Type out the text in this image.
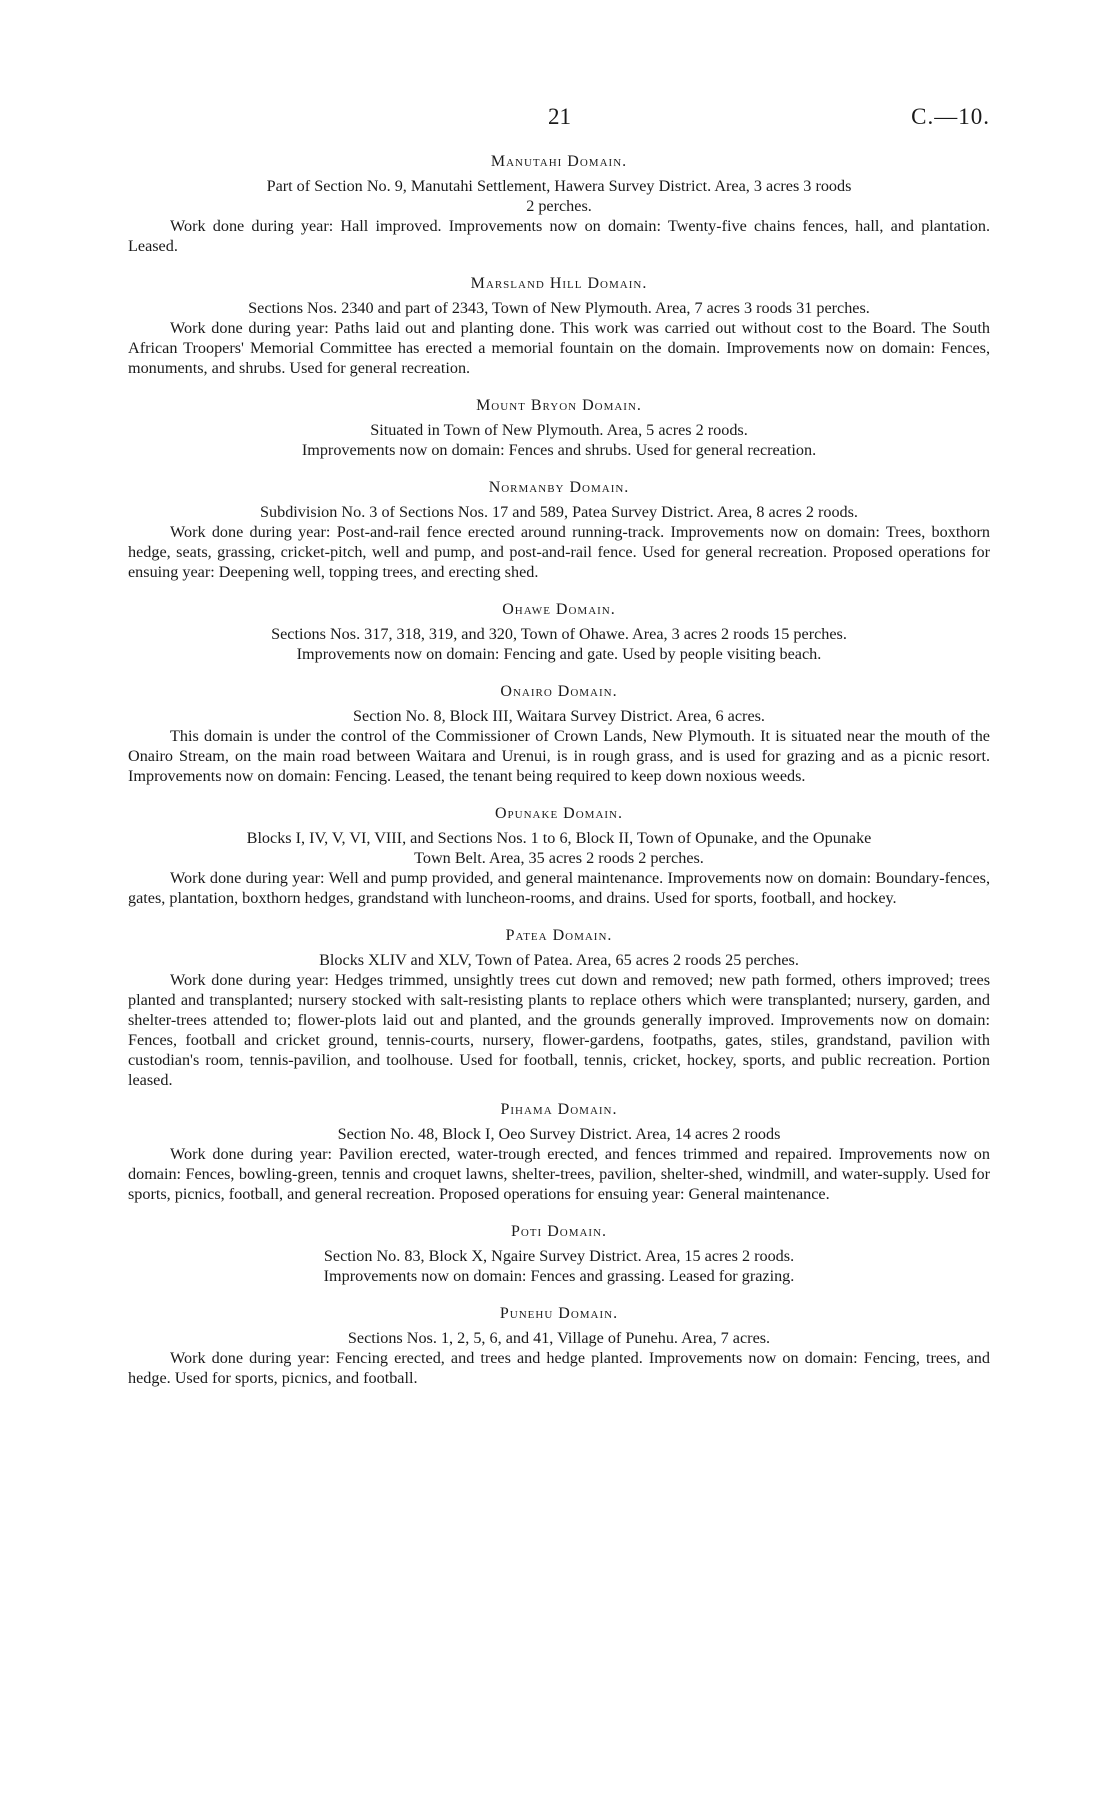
21	C.—10.
Manutahi Domain.

Part of Section No. 9, Manutahi Settlement, Hawera Survey District. Area, 3 acres 3 roods

2 perches.

Work done during year: Hall improved. Improvements now on domain: Twenty-five chains fences, hall, and plantation. Leased.

Marsland Hill Domain.

Sections Nos. 2340 and part of 2343, Town of New Plymouth. Area, 7 acres 3 roods 31 perches.

Work done during year: Paths laid out and planting done. This work was carried out without cost to the Board. The South African Troopers' Memorial Committee has erected a memorial fountain on the domain. Improvements now on domain: Fences, monuments, and shrubs. Used for general recreation.

Mount Bryon Domain.

Situated in Town of New Plymouth. Area, 5 acres 2 roods.

Improvements now on domain: Fences and shrubs. Used for general recreation.

Normanby Domain.

Subdivision No. 3 of Sections Nos. 17 and 589, Patea Survey District. Area, 8 acres 2 roods.

Work done during year: Post-and-rail fence erected around running-track. Improvements now on domain: Trees, boxthorn hedge, seats, grassing, cricket-pitch, well and pump, and post-and-rail fence. Used for general recreation. Proposed operations for ensuing year: Deepening well, topping trees, and erecting shed.

Ohawe Domain.

Sections Nos. 317, 318, 319, and 320, Town of Ohawe. Area, 3 acres 2 roods 15 perches.

Improvements now on domain: Fencing and gate. Used by people visiting beach.

Onairo Domain.

Section No. 8, Block III, Waitara Survey District. Area, 6 acres.

This domain is under the control of the Commissioner of Crown Lands, New Plymouth. It is situated near the mouth of the Onairo Stream, on the main road between Waitara and Urenui, is in rough grass, and is used for grazing and as a picnic resort. Improvements now on domain: Fencing. Leased, the tenant being required to keep down noxious weeds.

Opunake Domain.

Blocks I, IV, V, VI, VIII, and Sections Nos. 1 to 6, Block II, Town of Opunake, and the Opunake

Town Belt. Area, 35 acres 2 roods 2 perches.

Work done during year: Well and pump provided, and general maintenance. Improvements now on domain: Boundary-fences, gates, plantation, boxthorn hedges, grandstand with luncheon-rooms, and drains. Used for sports, football, and hockey.

Patea Domain.

Blocks XLIV and XLV, Town of Patea. Area, 65 acres 2 roods 25 perches.

Work done during year: Hedges trimmed, unsightly trees cut down and removed; new path formed, others improved; trees planted and transplanted; nursery stocked with salt-resisting plants to replace others which were transplanted; nursery, garden, and shelter-trees attended to; flower-plots laid out and planted, and the grounds generally improved. Improvements now on domain: Fences, football and cricket ground, tennis-courts, nursery, flower-gardens, footpaths, gates, stiles, grandstand, pavilion with custodian's room, tennis-pavilion, and toolhouse. Used for football, tennis, cricket, hockey, sports, and public recreation. Portion leased.

Pihama Domain.

Section No. 48, Block I, Oeo Survey District. Area, 14 acres 2 roods

Work done during year: Pavilion erected, water-trough erected, and fences trimmed and repaired. Improvements now on domain: Fences, bowling-green, tennis and croquet lawns, shelter-trees, pavilion, shelter-shed, windmill, and water-supply. Used for sports, picnics, football, and general recreation. Proposed operations for ensuing year: General maintenance.

Poti Domain.

Section No. 83, Block X, Ngaire Survey District. Area, 15 acres 2 roods.

Improvements now on domain: Fences and grassing. Leased for grazing.

Punehu Domain.

Sections Nos. 1, 2, 5, 6, and 41, Village of Punehu. Area, 7 acres.

Work done during year: Fencing erected, and trees and hedge planted. Improvements now on domain: Fencing, trees, and hedge. Used for sports, picnics, and football.
